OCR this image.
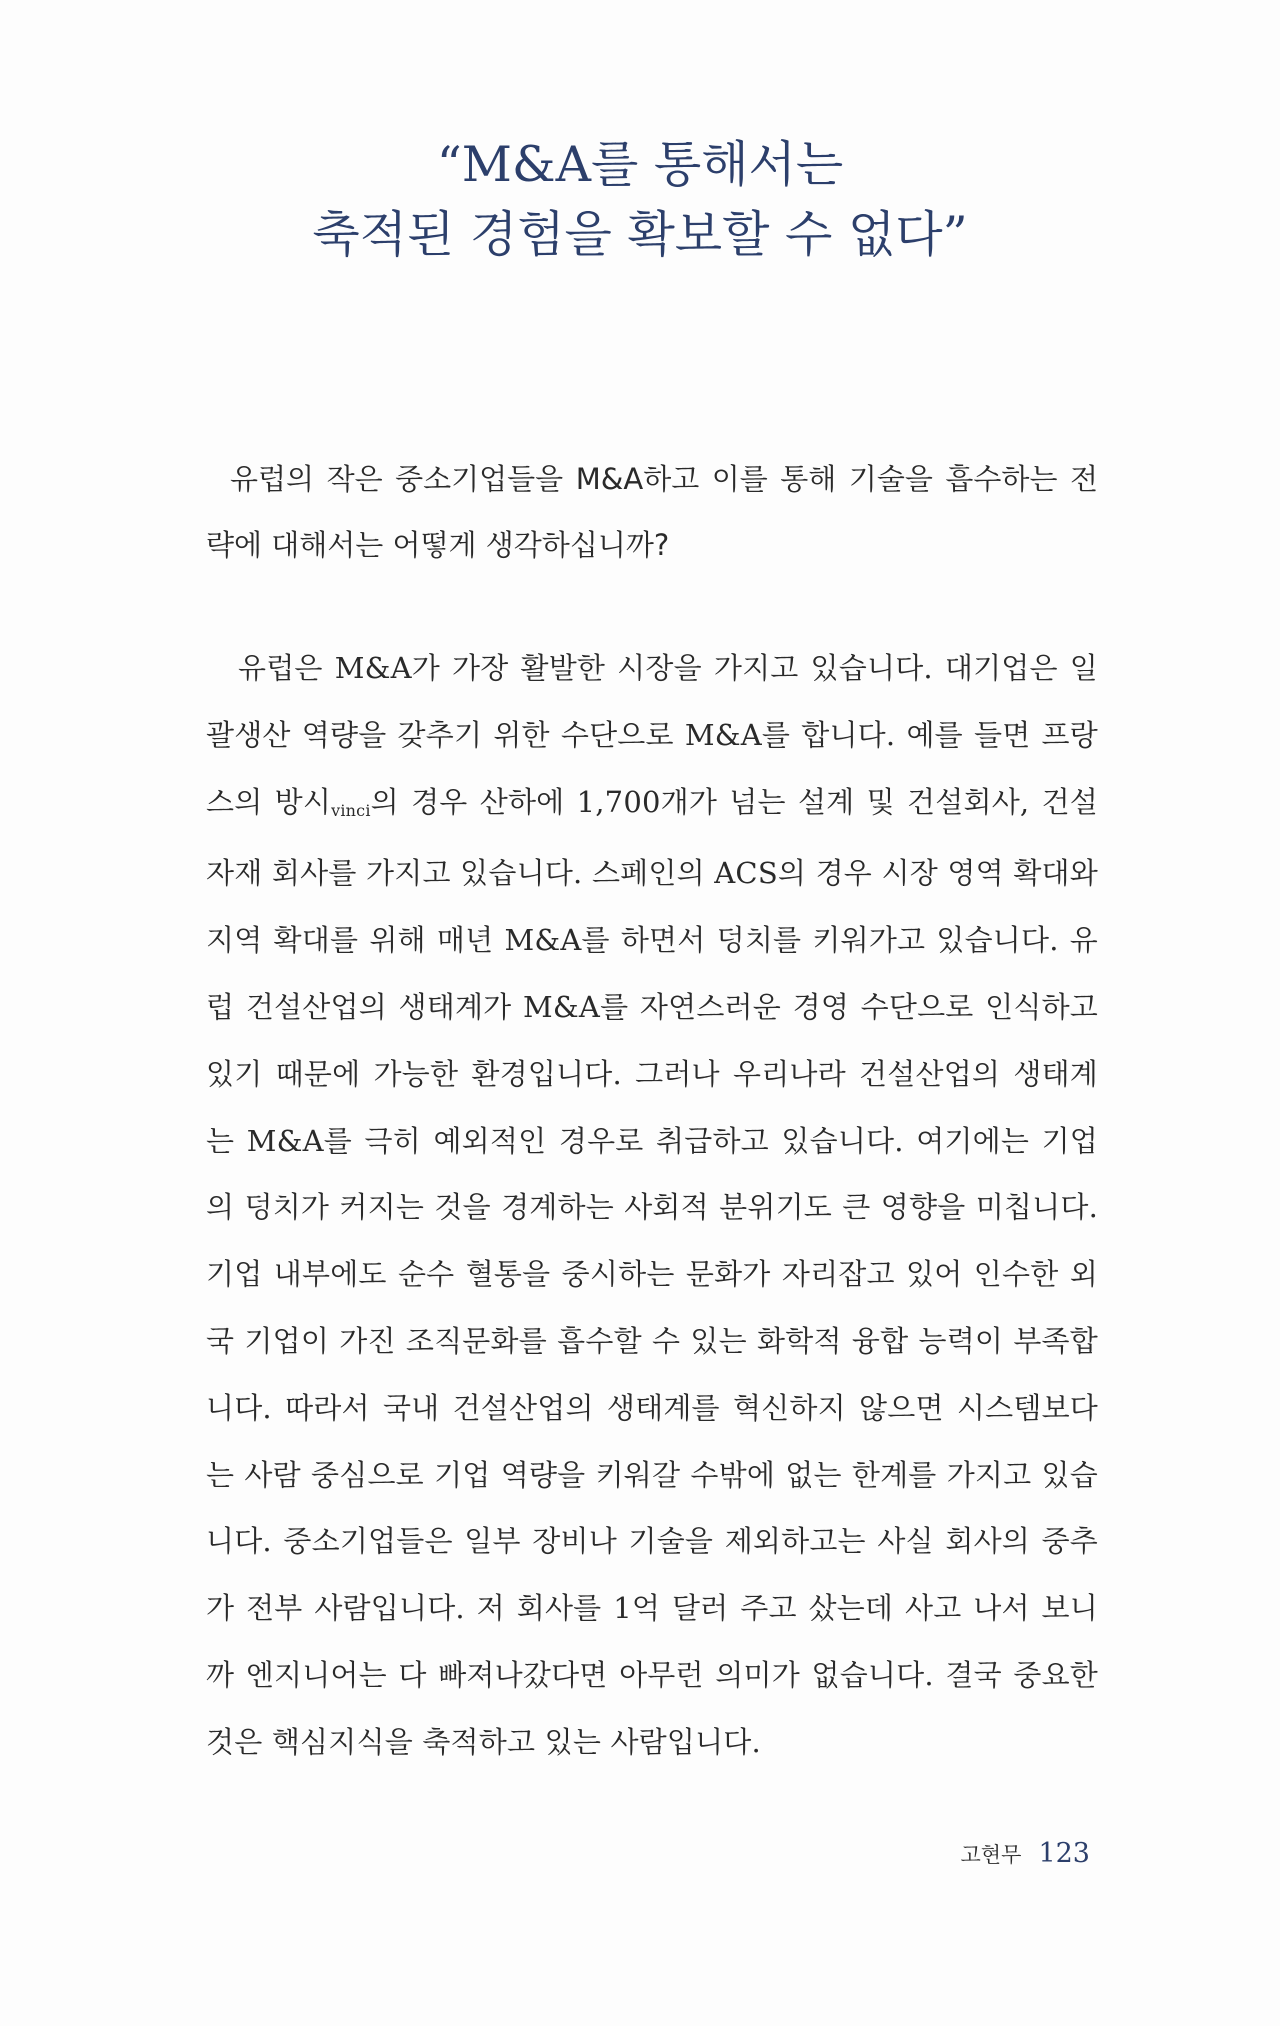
“M&A를 통해서는
축적된 경험을 확보할 수 없다”

유럽의 작은 중소기업들을 M&A하고 이를 통해 기술을 흡수하는 전략에 대해서는 어떻게 생각하십니까?

유럽은 M&A가 가장 활발한 시장을 가지고 있습니다. 대기업은 일괄생산 역량을 갖추기 위한 수단으로 M&A를 합니다. 예를 들면 프랑스의 방시$_{vinci}$의 경우 산하에 1,700개가 넘는 설계 및 건설회사, 건설자재 회사를 가지고 있습니다. 스페인의 ACS의 경우 시장 영역 확대와 지역 확대를 위해 매년 M&A를 하면서 덩치를 키워가고 있습니다. 유럽 건설산업의 생태계가 M&A를 자연스러운 경영 수단으로 인식하고 있기 때문에 가능한 환경입니다. 그러나 우리나라 건설산업의 생태계는 M&A를 극히 예외적인 경우로 취급하고 있습니다. 여기에는 기업의 덩치가 커지는 것을 경계하는 사회적 분위기도 큰 영향을 미칩니다. 기업 내부에도 순수 혈통을 중시하는 문화가 자리잡고 있어 인수한 외국 기업이 가진 조직문화를 흡수할 수 있는 화학적 융합 능력이 부족합니다. 따라서 국내 건설산업의 생태계를 혁신하지 않으면 시스템보다는 사람 중심으로 기업 역량을 키워갈 수밖에 없는 한계를 가지고 있습니다. 중소기업들은 일부 장비나 기술을 제외하고는 사실 회사의 중추가 전부 사람입니다. 저 회사를 1억 달러 주고 샀는데 사고 나서 보니까 엔지니어는 다 빠져나갔다면 아무런 의미가 없습니다. 결국 중요한 것은 핵심지식을 축적하고 있는 사람입니다.

고현무 123
